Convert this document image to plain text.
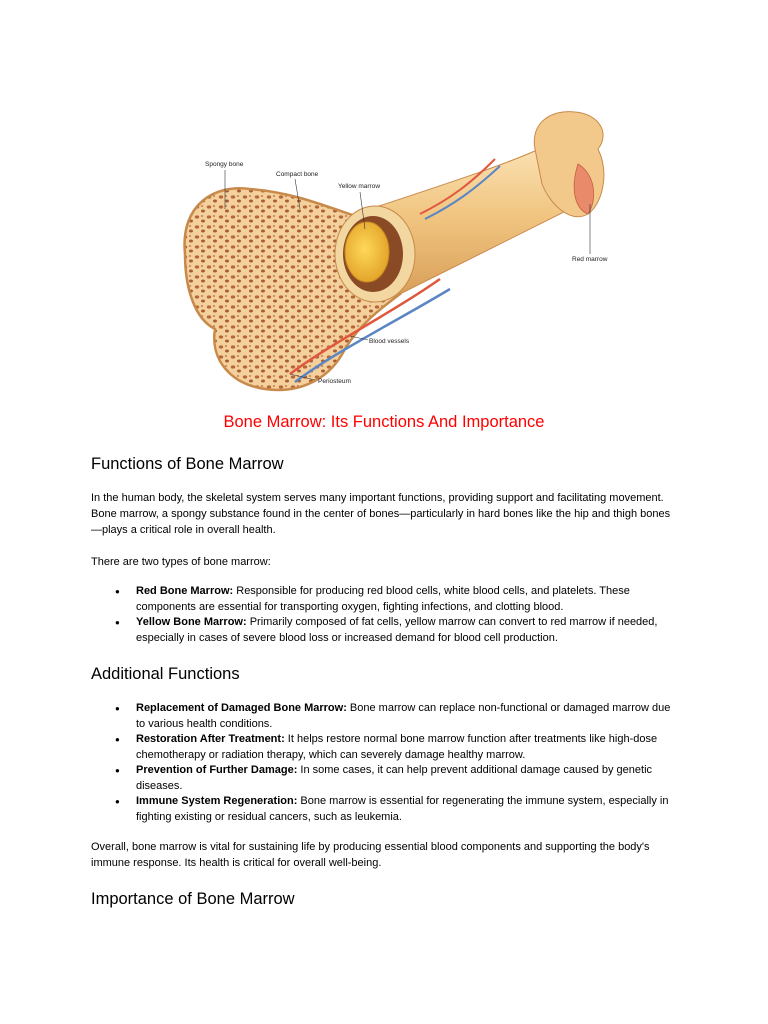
Spongy bone
Compact bone
Yellow marrow
Red marrow
Blood vessels
Periosteum
Bone Marrow: Its Functions And Importance
Functions of Bone Marrow

In the human body, the skeletal system serves many important functions, providing support and facilitating movement. Bone marrow, a spongy substance found in the center of bones—particularly in hard bones like the hip and thigh bones—plays a critical role in overall health.

There are two types of bone marrow:

● Red Bone Marrow: Responsible for producing red blood cells, white blood cells, and platelets. These components are essential for transporting oxygen, fighting infections, and clotting blood.
● Yellow Bone Marrow: Primarily composed of fat cells, yellow marrow can convert to red marrow if needed, especially in cases of severe blood loss or increased demand for blood cell production.
Additional Functions
● Replacement of Damaged Bone Marrow: Bone marrow can replace non-functional or damaged marrow due to various health conditions.
● Restoration After Treatment: It helps restore normal bone marrow function after treatments like high-dose chemotherapy or radiation therapy, which can severely damage healthy marrow.
● Prevention of Further Damage: In some cases, it can help prevent additional damage caused by genetic diseases.
● Immune System Regeneration: Bone marrow is essential for regenerating the immune system, especially in fighting existing or residual cancers, such as leukemia.

Overall, bone marrow is vital for sustaining life by producing essential blood components and supporting the body's immune response. Its health is critical for overall well-being.

Importance of Bone Marrow
